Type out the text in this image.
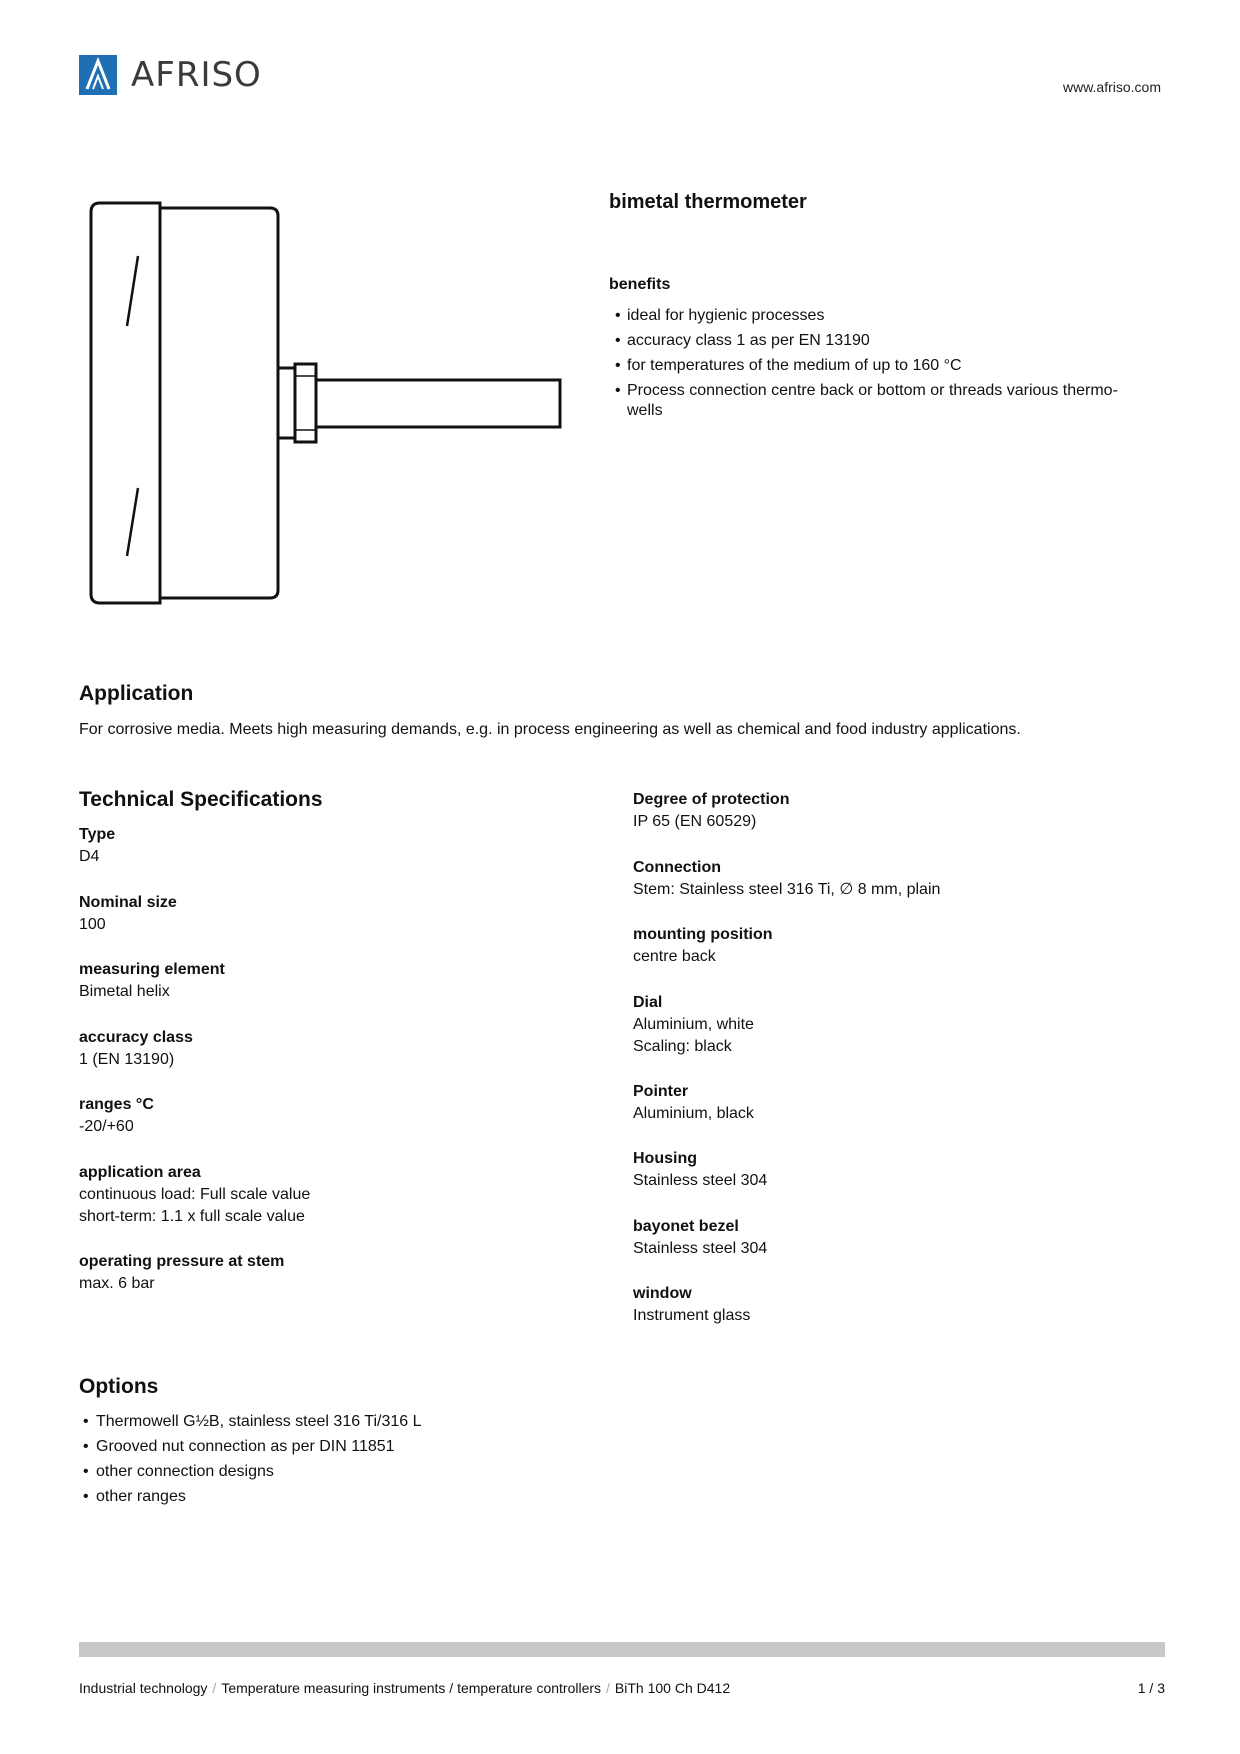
AFRISO	www.afriso.com
bimetal thermometer
benefits
• ideal for hygienic processes
• accuracy class 1 as per EN 13190
• for temperatures of the medium of up to 160 °C
• Process connection centre back or bottom or threads various thermo-wells
Application
For corrosive media. Meets high measuring demands, e.g. in process engineering as well as chemical and food industry applications.
Technical Specifications
Type
D4
Nominal size
100
measuring element
Bimetal helix
accuracy class
1 (EN 13190)
ranges °C
-20/+60
application area
continuous load: Full scale value
short-term: 1.1 x full scale value
operating pressure at stem
max. 6 bar
Degree of protection
IP 65 (EN 60529)
Connection
Stem: Stainless steel 316 Ti, ∅ 8 mm, plain
mounting position
centre back
Dial
Aluminium, white
Scaling: black
Pointer
Aluminium, black
Housing
Stainless steel 304
bayonet bezel
Stainless steel 304
window
Instrument glass
Options
• Thermowell G½B, stainless steel 316 Ti/316 L
• Grooved nut connection as per DIN 11851
• other connection designs
• other ranges
Industrial technology / Temperature measuring instruments / temperature controllers / BiTh 100 Ch D412	1 / 3
